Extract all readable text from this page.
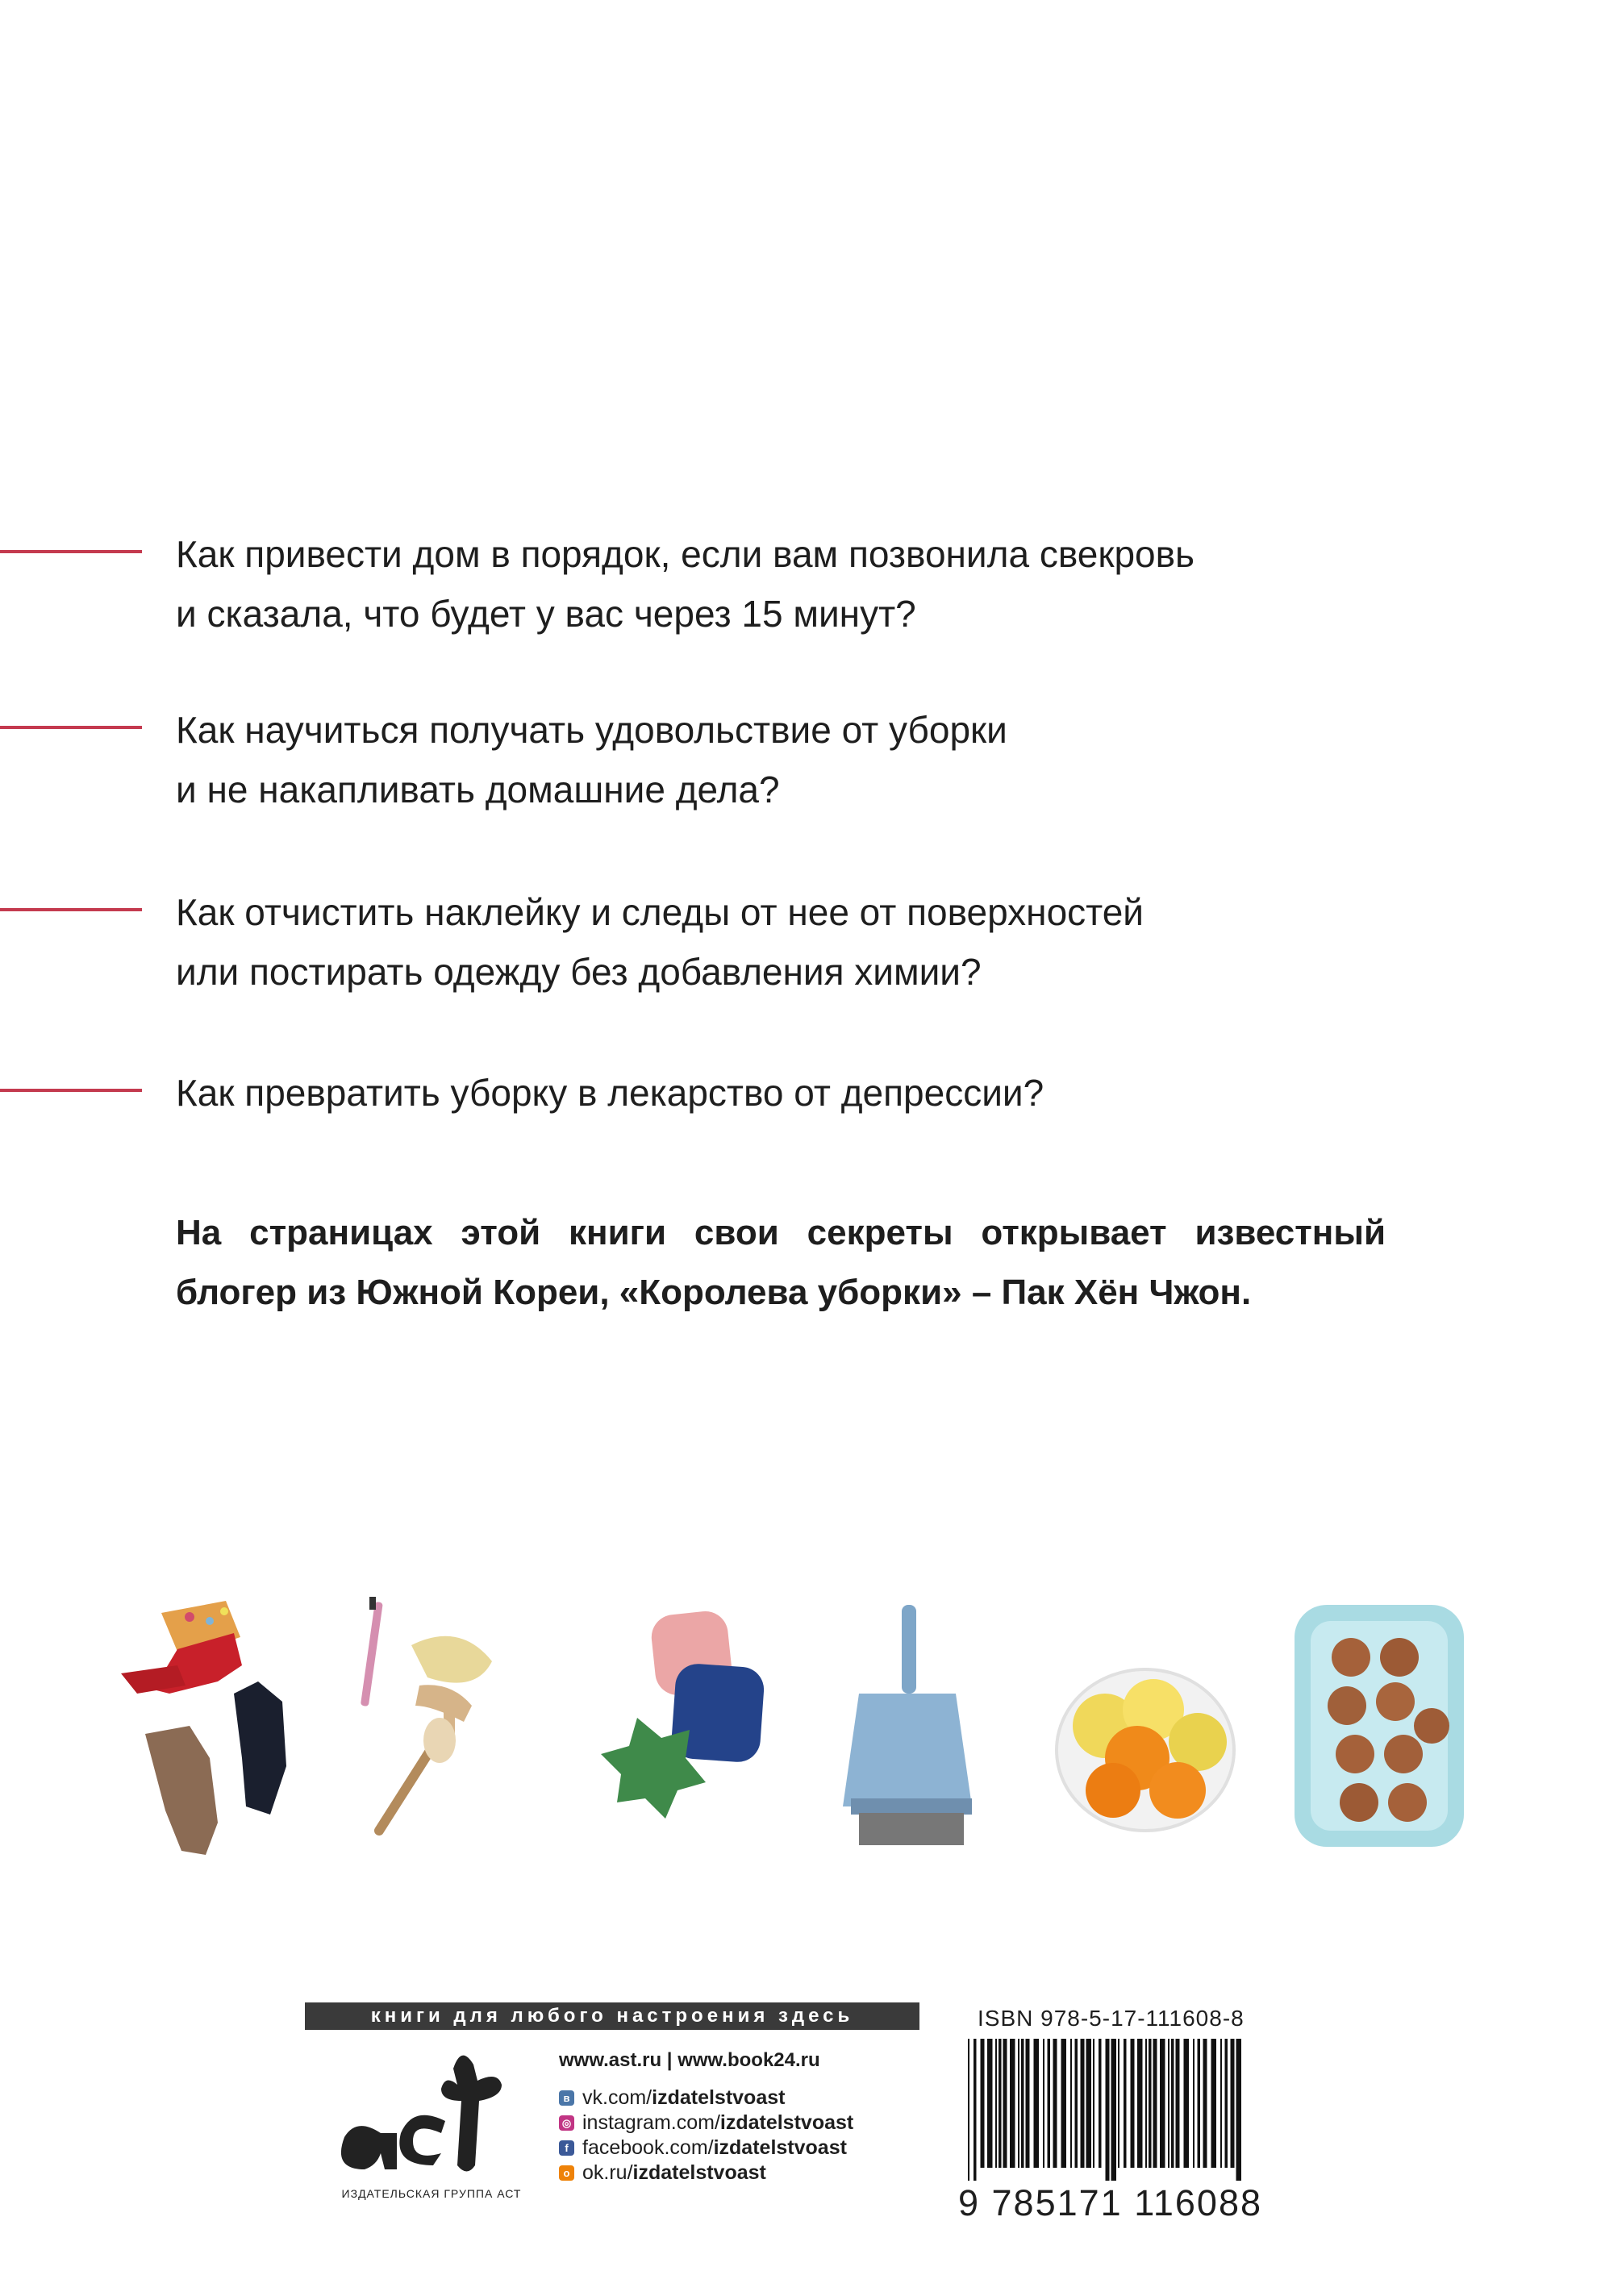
Как привести дом в порядок, если вам позвонила свекровь
и сказала, что будет у вас через 15 минут?
Как научиться получать удовольствие от уборки
и не накапливать домашние дела?
Как отчистить наклейку и следы от нее от поверхностей
или постирать одежду без добавления химии?
Как превратить уборку в лекарство от депрессии?
На страницах этой книги свои секреты открывает известный блогер из Южной Кореи, «Королева уборки» – Пак Хён Чжон.
книги для любого настроения здесь
ИЗДАТЕЛЬСКАЯ ГРУППА АСТ
www.ast.ru | www.book24.ru
в vk.com/ izdatelstvoast
◎ instagram.com/ izdatelstvoast
f facebook.com/ izdatelstvoast
о ok.ru/ izdatelstvoast
ISBN 978-5-17-111608-8
9 785171 116088
